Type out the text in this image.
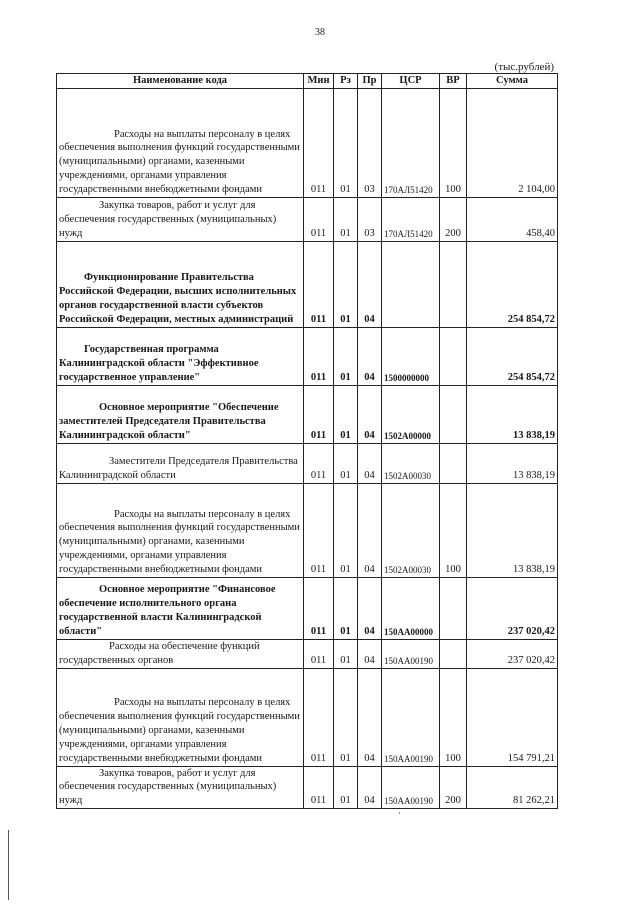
38
(тыс.рублей)
Наименование кода	Мин	Рз	Пр	ЦСР	ВР	Сумма

Расходы на выплаты персоналу в целях обеспечения выполнения функций государственными (муниципальными) органами, казенными учреждениями, органами управления государственными внебюджетными фондами	011	01	03	170АЛ51420	100	2 104,00

Закупка товаров, работ и услуг для обеспечения государственных (муниципальных) нужд	011	01	03	170АЛ51420	200	458,40

Функционирование Правительства Российской Федерации, высших исполнительных органов государственной власти субъектов Российской Федерации, местных администраций	011	01	04			254 854,72

Государственная программа Калининградской области "Эффективное государственное управление"	011	01	04	1500000000		254 854,72

Основное мероприятие "Обеспечение заместителей Председателя Правительства Калининградской области"	011	01	04	1502А00000		13 838,19

Заместители Председателя Правительства Калининградской области	011	01	04	1502А00030		13 838,19

Расходы на выплаты персоналу в целях обеспечения выполнения функций государственными (муниципальными) органами, казенными учреждениями, органами управления государственными внебюджетными фондами	011	01	04	1502А00030	100	13 838,19

Основное мероприятие "Финансовое обеспечение исполнительного органа государственной власти Калининградской области"	011	01	04	150АА00000		237 020,42

Расходы на обеспечение функций государственных органов	011	01	04	150АА00190		237 020,42

Расходы на выплаты персоналу в целях обеспечения выполнения функций государственными (муниципальными) органами, казенными учреждениями, органами управления государственными внебюджетными фондами	011	01	04	150АА00190	100	154 791,21

Закупка товаров, работ и услуг для обеспечения государственных (муниципальных) нужд	011	01	04	150АА00190	200	81 262,21
